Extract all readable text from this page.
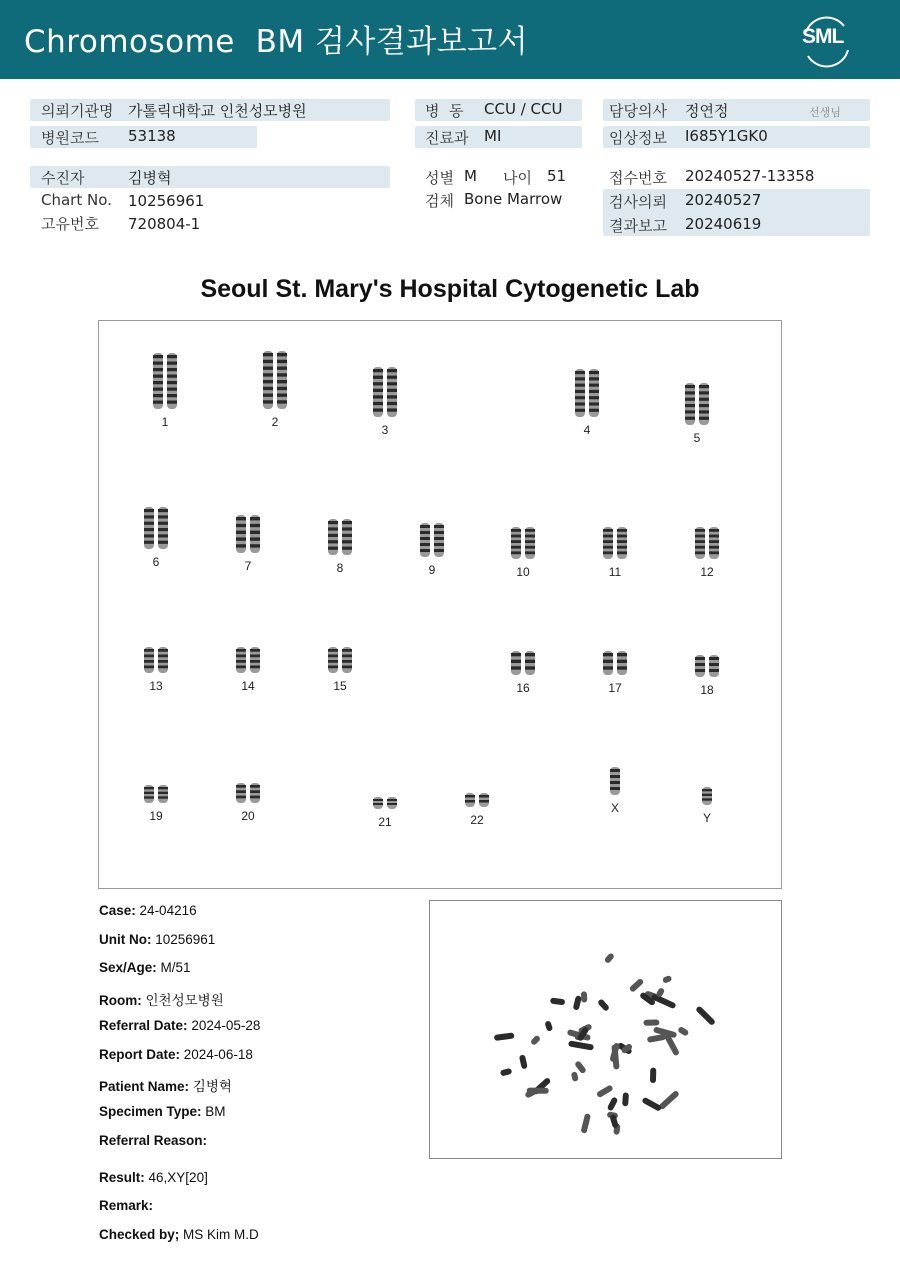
Chromosome  BM 검사결과보고서	SML
의뢰기관명 가톨릭대학교 인천성모병원
병원코드 53138
병  동 CCU / CCU
진료과 MI
담당의사 정연정	선생님
임상정보 I685Y1GK0
수진자	김병혁
Chart No. 10256961
고유번호 720804-1
성별 M 나이 51
검체 Bone Marrow
접수번호 20240527-13358
검사의뢰 20240527
결과보고 20240619
Seoul St. Mary's Hospital Cytogenetic Lab
1	2
3	4
5
6	7	8	9	10	11	12
13	14	15	16	17	18
19	20	21	22
X
Y
Case: 24-04216
Unit No: 10256961
Sex/Age: M/51
Room: 인천성모병원
Referral Date: 2024-05-28
Report Date: 2024-06-18
Patient Name: 김병혁
Specimen Type: BM
Referral Reason:
Result: 46,XY[20]
Remark:
Checked by; MS Kim M.D
